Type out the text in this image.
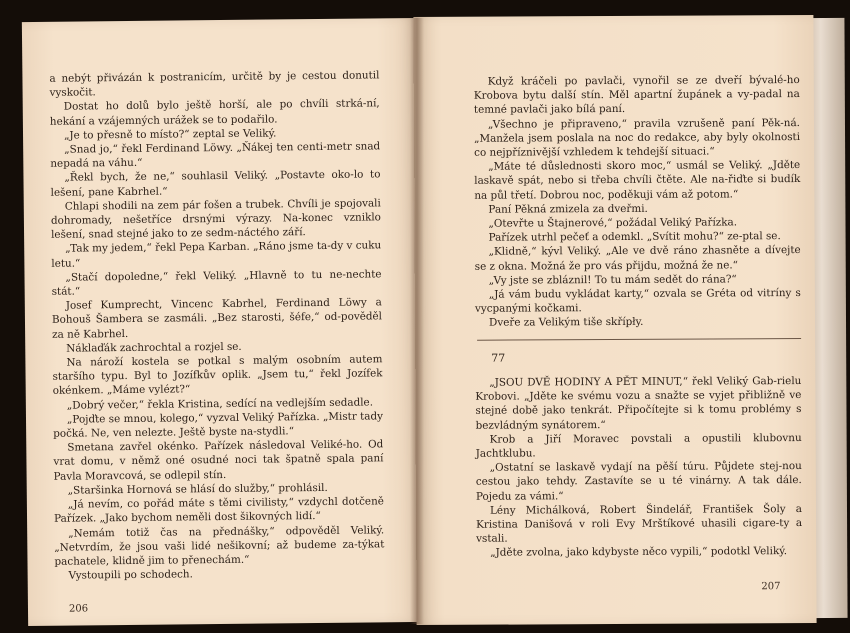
a nebýt přivázán k postranicím, určitě by je cestou donutil vyskočit.

Dostat ho dolů bylo ještě horší, ale po chvíli strká-ní, hekání a vzájemných urážek se to podařilo.

„Je to přesně to místo?“ zeptal se Veliký.

„Snad jo,“ řekl Ferdinand Löwy. „Ňákej ten centi-metr snad nepadá na váhu.“

„Řekl bych, že ne,“ souhlasil Veliký. „Postavte oko-lo to lešení, pane Kabrhel.“

Chlapi shodili na zem pár fošen a trubek. Chvíli je spojovali dohromady, nešetříce drsnými výrazy. Na-konec vzniklo lešení, snad stejné jako to ze sedm-náctého září.

„Tak my jedem,“ řekl Pepa Karban. „Ráno jsme ta-dy v cuku letu.“

„Stačí dopoledne,“ řekl Veliký. „Hlavně to tu ne-nechte stát.“

Josef Kumprecht, Vincenc Kabrhel, Ferdinand Löwy a Bohouš Šambera se zasmáli. „Bez starosti, šéfe,“ od-pověděl za ně Kabrhel.

Náklaďák zachrochtal a rozjel se.

Na nároží kostela se potkal s malým osobním autem staršího typu. Byl to Jozífkův oplik. „Jsem tu,“ řekl Jozífek okénkem. „Máme vylézt?“

„Dobrý večer,“ řekla Kristina, sedící na vedlejším sedadle.

„Pojďte se mnou, kolego,“ vyzval Veliký Pařízka. „Mistr tady počká. Ne, ven nelezte. Ještě byste na-stydli.“

Smetana zavřel okénko. Pařízek následoval Veliké-ho. Od vrat domu, v němž oné osudné noci tak špatně spala paní Pavla Moravcová, se odlepil stín.

„Staršinka Hornová se hlásí do služby,“ prohlásil.

„Já nevím, co pořád máte s těmi civilisty,“ vzdychl dotčeně Pařízek. „Jako bychom neměli dost šikovných lidí.“

„Nemám totiž čas na přednášky,“ odpověděl Veliký. „Netvrdím, že jsou vaši lidé nešikovní; až budeme za-týkat pachatele, klidně jim to přenechám.“

Vystoupili po schodech.

206

Když kráčeli po pavlači, vynořil se ze dveří bývalé-ho Krobova bytu další stín. Měl apartní župánek a vy-padal na temné pavlači jako bílá paní.

„Všechno je připraveno,“ pravila vzrušeně paní Pěk-ná. „Manžela jsem poslala na noc do redakce, aby byly okolnosti co nejpříznivější vzhledem k tehdejší situaci.“

„Máte té důslednosti skoro moc,“ usmál se Veliký. „Jděte laskavě spát, nebo si třeba chvíli čtěte. Ale na-řiďte si budík na půl třetí. Dobrou noc, poděkuji vám až potom.“

Paní Pěkná zmizela za dveřmi.

„Otevřte u Štajnerové,“ požádal Veliký Pařízka.

Pařízek utrhl pečeť a odemkl. „Svítit mohu?“ ze-ptal se.

„Klidně,“ kývl Veliký. „Ale ve dvě ráno zhasněte a dívejte se z okna. Možná že pro vás přijdu, možná že ne.“

„Vy jste se zbláznil! To tu mám sedět do rána?“

„Já vám budu vykládat karty,“ ozvala se Gréta od vitríny s vycpanými kočkami.

Dveře za Velikým tiše skřípły.

77

„JSOU DVĚ HODINY A PĚT MINUT,“ řekl Veliký Gab-rielu Krobovi. „Jděte ke svému vozu a snažte se vyjet přibližně ve stejné době jako tenkrát. Připočítejte si k tomu problémy s bezvládným synátorem.“

Krob a Jiří Moravec povstali a opustili klubovnu Jachtklubu.

„Ostatní se laskavě vydají na pěší túru. Půjdete stej-nou cestou jako tehdy. Zastavíte se u té vinárny. A tak dále. Pojedu za vámi.“

Lény Michálková, Robert Šindelář, František Šoly a Kristina Danišová v roli Evy Mrštíkové uhasili cigare-ty a vstali.

„Jděte zvolna, jako kdybyste něco vypili,“ podotkl Veliký.

207
